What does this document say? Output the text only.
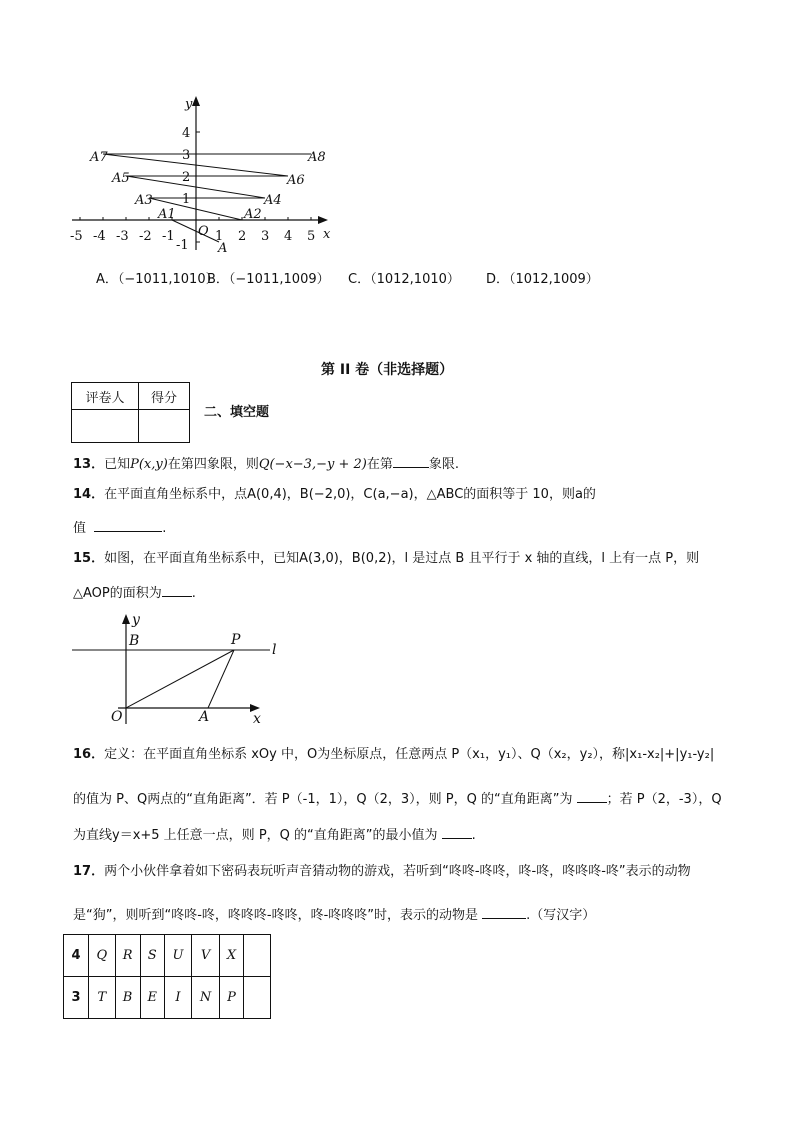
y
x
-5 -4 -3 -2 -1	1 2 3 4 5
4
3
2
1
-1
A7	A8
A5	A6
A3	A4
A1	A2
O
A
A．（−1011,1010）
B．（−1011,1009） C．（1012,1010） D．（1012,1009）
第 II 卷（非选择题）
评卷人	得分

二、填空题
13．已知P(x,y)在第四象限，则Q(−x−3,−y + 2)在第	象限.
14．在平面直角坐标系中，点A(0,4)，B(−2,0)，C(a,−a)，△ABC的面积等于 10，则a的
值	.
15．如图，在平面直角坐标系中，已知A(3,0)，B(0,2)，l 是过点 B 且平行于 x 轴的直线，l 上有一点 P，则
△AOP的面积为 .
y
x
B	P
l
O	A
16．定义：在平面直角坐标系 xOy 中，O为坐标原点，任意两点 P（x₁，y₁）、Q（x₂，y₂），称|x₁-x₂|+|y₁-y₂|
的值为 P、Q两点的“直角距离”．若 P（-1，1），Q（2，3），则 P，Q 的“直角距离”为	；若 P（2，-3），Q
为直线y＝x+5 上任意一点，则 P，Q 的“直角距离”的最小值为	.
17．两个小伙伴拿着如下密码表玩听声音猜动物的游戏，若听到“咚咚-咚咚，咚-咚，咚咚咚-咚”表示的动物
是“狗”，则听到“咚咚-咚，咚咚咚-咚咚，咚-咚咚咚”时，表示的动物是	.（写汉字）
4	Q	R	S	U	V	X	
3	T	B	E	I	N	P	
